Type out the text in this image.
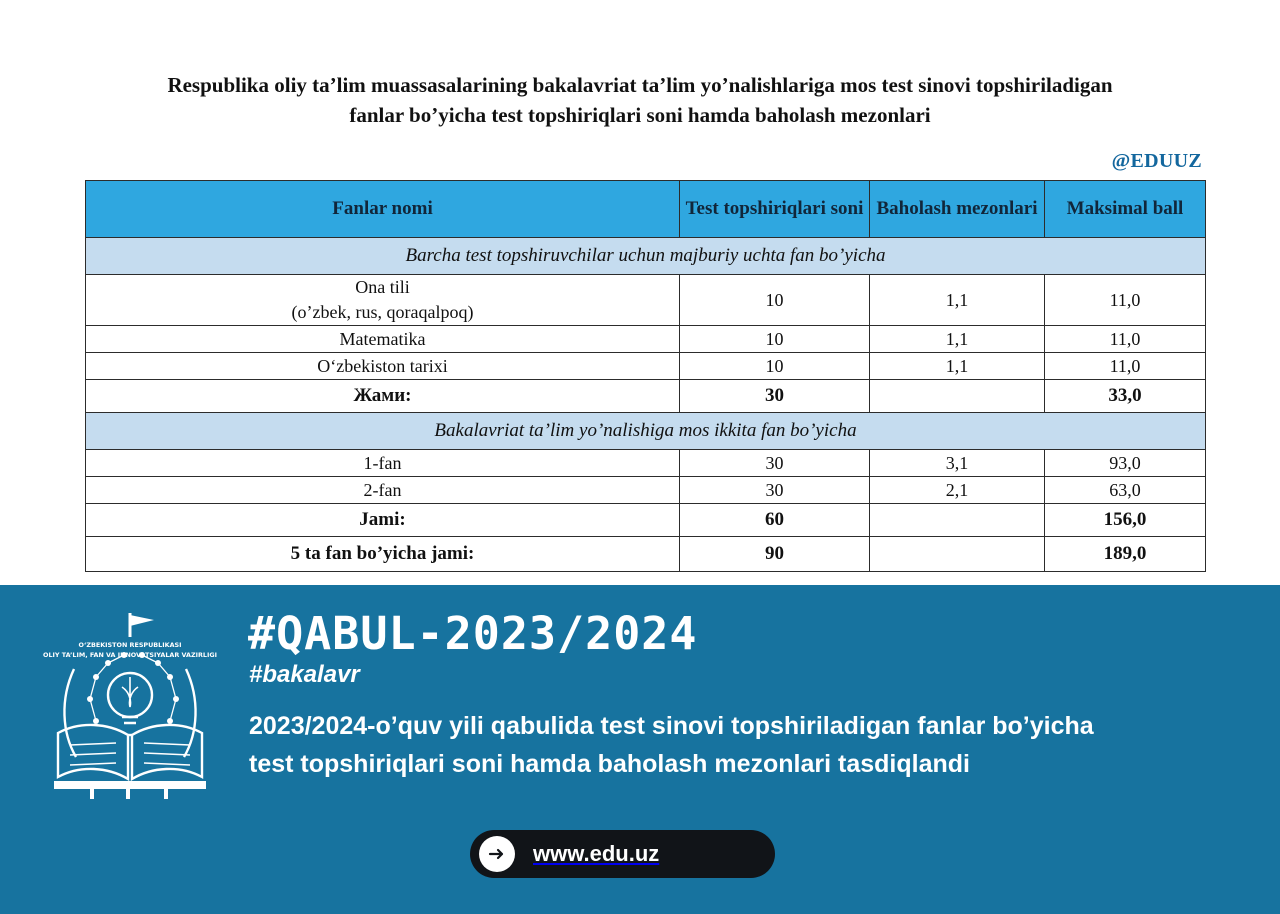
Respublika oliy ta’lim muassasalarining bakalavriat ta’lim yo’nalishlariga mos test sinovi topshiriladigan fanlar bo’yicha test topshiriqlari soni hamda baholash mezonlari
@EDUUZ
Fanlar nomi	Test topshiriqlari soni	Baholash mezonlari	Maksimal ball
Barcha test topshiruvchilar uchun majburiy uchta fan bo’yicha			
Ona tili
(o’zbek, rus, qoraqalpoq)	10	1,1	11,0
Matematika	10	1,1	11,0
O‘zbekiston tarixi	10	1,1	11,0
Жами:	30		33,0
Bakalavriat ta’lim yo’nalishiga mos ikkita fan bo’yicha			
1-fan	30	3,1	93,0
2-fan	30	2,1	63,0
Jami:	60		156,0
5 ta fan bo’yicha jami:	90		189,0
O‘ZBEKISTON RESPUBLIKASI
OLIY TA’LIM, FAN VA INNOVATSIYALAR VAZIRLIGI #QABUL-2023/2024
#bakalavr
2023/2024-o’quv yili qabulida test sinovi topshiriladigan fanlar bo’yicha test topshiriqlari soni hamda baholash mezonlari tasdiqlandi
www.edu.uz
